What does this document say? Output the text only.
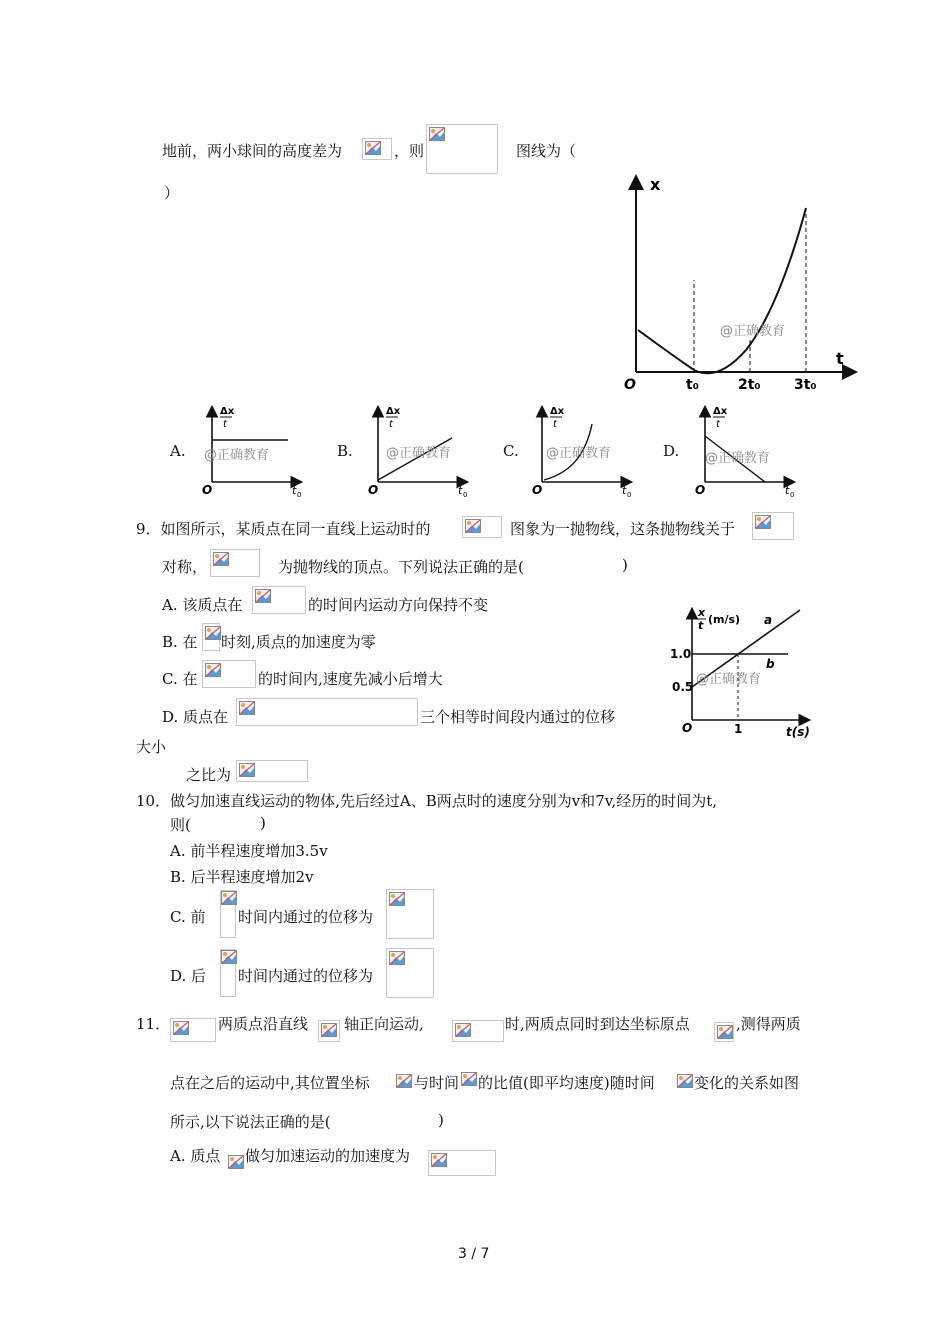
地前，两小球间的高度差为	，则	图线为（
）	x
t
O	t₀	2t₀ 3t₀
@正确教育
A.
Δx
t
O	t 0
@正确教育	B.
Δx
t
O	t 0
@正确教育	C.
Δx
t
O	t 0
@正确教育	D.
Δx
t
O	t 0
@正确教育
9．如图所示，某质点在同一直线上运动时的	图象为一抛物线，这条抛物线关于
对称，	为抛物线的顶点。下列说法正确的是(	)
A. 该质点在	的时间内运动方向保持不变
B. 在 时刻,质点的加速度为零
C. 在	的时间内,速度先减小后增大
D. 质点在	三个相等时间段内通过的位移
大小
之比为
x
t (m/s) a
b
1.0
0.5
O	1	t(s)
@正确教育
10．做匀加速直线运动的物体,先后经过A、B两点时的速度分别为v和7v,经历的时间为t,
则(	)
A. 前半程速度增加3.5v
B. 后半程速度增加2v
C. 前 时间内通过的位移为
D. 后 时间内通过的位移为
11．	两质点沿直线 轴正向运动,	时,两质点同时到达坐标原点	,测得两质
点在之后的运动中,其位置坐标	与时间 的比值(即平均速度)随时间	变化的关系如图
所示,以下说法正确的是(	)
A. 质点 做匀加速运动的加速度为
3 / 7
